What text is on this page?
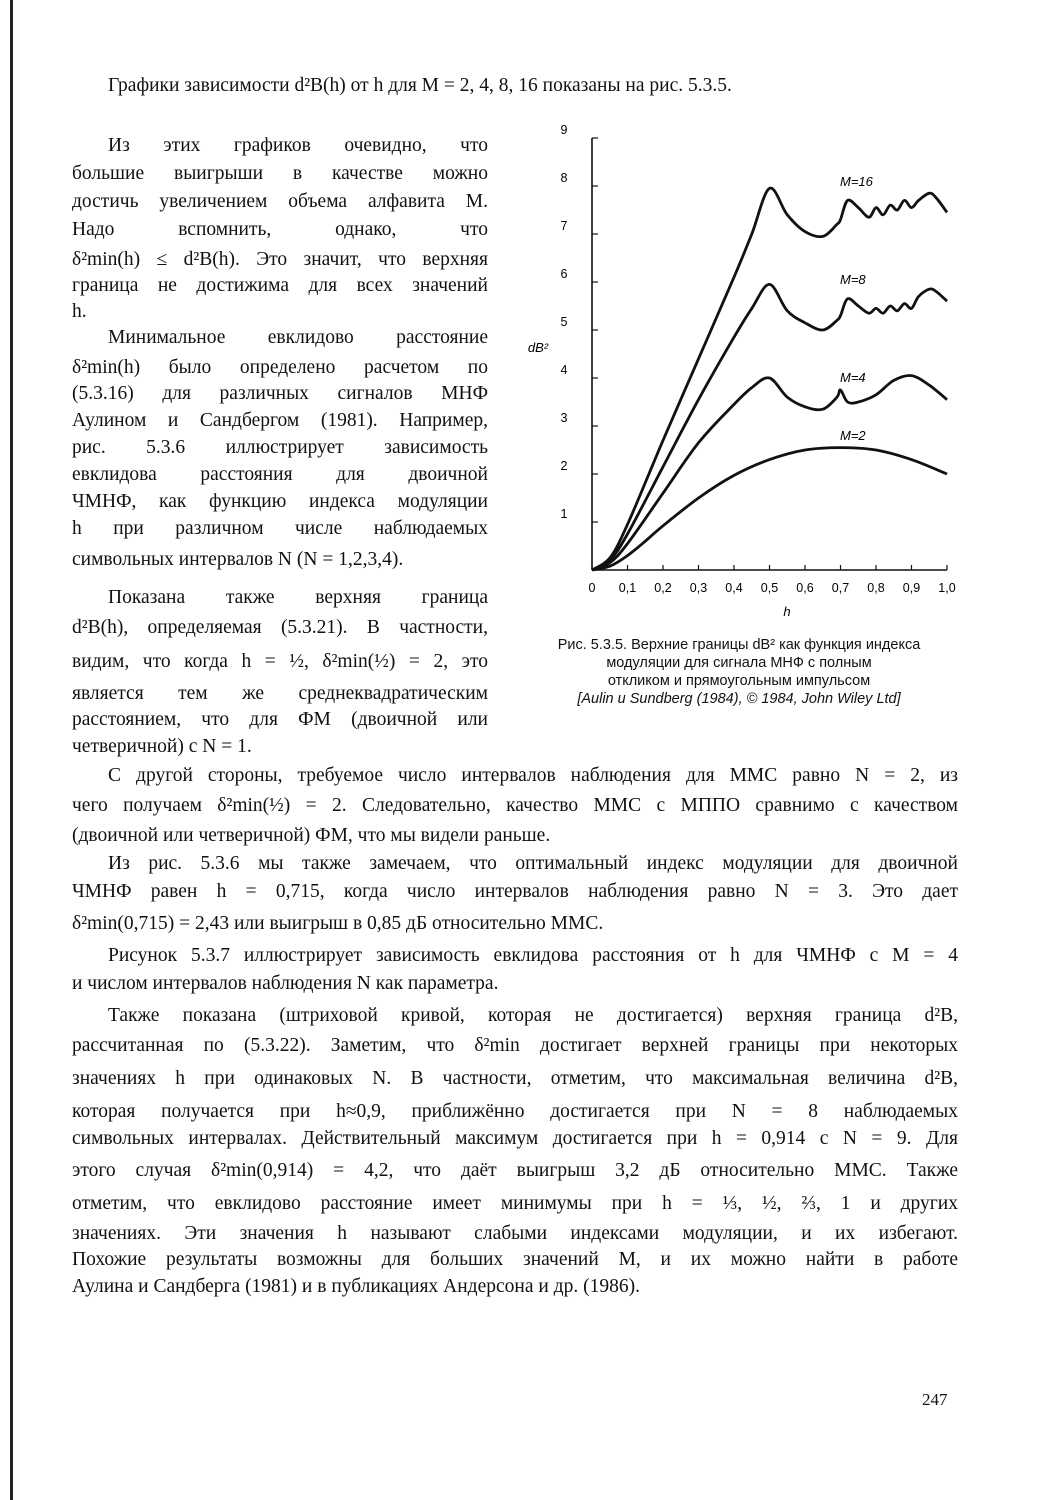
Графики зависимости d²B(h) от h для M = 2, 4, 8, 16 показаны на рис. 5.3.5.

Из этих графиков очевидно, что

большие выигрыши в качестве можно

достичь увеличением объема алфавита M.

Надо вспомнить, однако, что

δ²min(h) ≤ d²B(h). Это значит, что верхняя

граница не достижима для всех значений

h.

Минимальное евклидово расстояние

δ²min(h) было определено расчетом по

(5.3.16) для различных сигналов МНФ

Аулином и Сандбергом (1981). Например,

рис. 5.3.6 иллюстрирует зависимость

евклидова расстояния для двоичной

ЧМНФ, как функцию индекса модуляции

h при различном числе наблюдаемых

символьных интервалов N (N = 1,2,3,4).

Показана также верхняя граница

d²B(h), определяемая (5.3.21). В частности,

видим, что когда h = ½, δ²min(½) = 2, это

является тем же среднеквадратическим

расстоянием, что для ФМ (двоичной или

четверичной) с N = 1.

0 0,1 0,2 0,3 0,4 0,5 0,6 0,7 0,8 0,9 1,0
1
2
3
4
5
6
7
8
9
h
dB²
M=16
M=8
M=4
M=2
Рис. 5.3.5. Верхние границы dB² как функция индекса
модуляции для сигнала МНФ с полным
откликом и прямоугольным импульсом
[Aulin и Sundberg (1984), © 1984, John Wiley Ltd]

С другой стороны, требуемое число интервалов наблюдения для ММС равно N = 2, из

чего получаем δ²min(½) = 2. Следовательно, качество ММС с МППО сравнимо с качеством

(двоичной или четверичной) ФМ, что мы видели раньше.

Из рис. 5.3.6 мы также замечаем, что оптимальный индекс модуляции для двоичной

ЧМНФ равен h = 0,715, когда число интервалов наблюдения равно N = 3. Это дает

δ²min(0,715) = 2,43 или выигрыш в 0,85 дБ относительно ММС.

Рисунок 5.3.7 иллюстрирует зависимость евклидова расстояния от h для ЧМНФ с M = 4

и числом интервалов наблюдения N как параметра.

Также показана (штриховой кривой, которая не достигается) верхняя граница d²B,

рассчитанная по (5.3.22). Заметим, что δ²min достигает верхней границы при некоторых

значениях h при одинаковых N. В частности, отметим, что максимальная величина d²B,

которая получается при h≈0,9, приближённо достигается при N = 8 наблюдаемых

символьных интервалах. Действительный максимум достигается при h = 0,914 с N = 9. Для

этого случая δ²min(0,914) = 4,2, что даёт выигрыш 3,2 дБ относительно ММС. Также

отметим, что евклидово расстояние имеет минимумы при h = ⅓, ½, ⅔, 1 и других

значениях. Эти значения h называют слабыми индексами модуляции, и их избегают.

Похожие результаты возможны для больших значений M, и их можно найти в работе

Аулина и Сандберга (1981) и в публикациях Андерсона и др. (1986).

247
